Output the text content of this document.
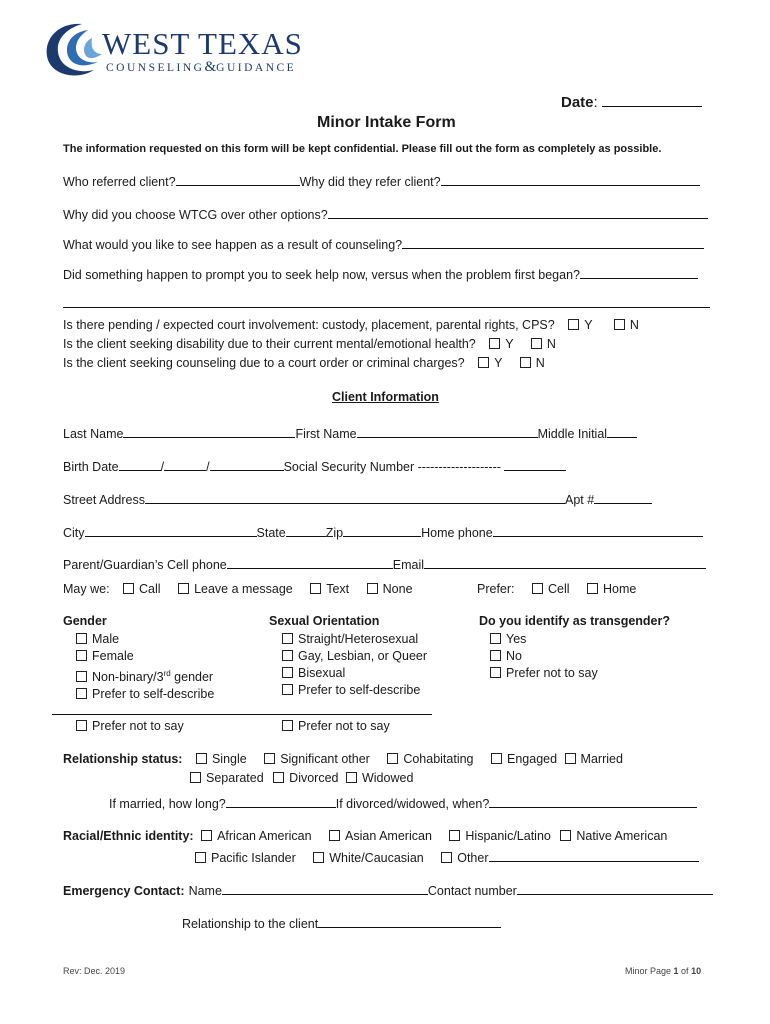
WEST TEXAS
COUNSELING&GUIDANCE
Date:
Minor Intake Form
The information requested on this form will be kept confidential. Please fill out the form as completely as possible.
Who referred client?	Why did they refer client?
Why did you choose WTCG over other options?
What would you like to see happen as a result of counseling?
Did something happen to prompt you to seek help now, versus when the problem first began?
Is there pending / expected court involvement: custody, placement, parental rights, CPS? Y	N
Is the client seeking disability due to their current mental/emotional health? Y	N
Is the client seeking counseling due to a court order or criminal charges? Y	N
Client Information
Last Name	First Name	Middle Initial
Birth Date	/	/	Social Security Number --------------------
Street Address	Apt #
City	State	Zip	Home phone
Parent/Guardian’s Cell phone	Email
May we: Call	Leave a message	Text	None	Prefer:	Cell	Home
Gender
Male
Female
Non-binary/3rd gender
Prefer to self-describe
Prefer not to say
Sexual Orientation
Straight/Heterosexual
Gay, Lesbian, or Queer
Bisexual
Prefer to self-describe
Prefer not to say
Do you identify as transgender?
Yes
No
Prefer not to say
Relationship status: Single	Significant other	Cohabitating	Engaged Married
Separated Divorced Widowed
If married, how long?	If divorced/widowed, when?
Racial/Ethnic identity: African American	Asian American	Hispanic/Latino Native American
Pacific Islander	White/Caucasian	Other
Emergency Contact: Name	Contact number
Relationship to the client
Rev: Dec. 2019	Minor Page 1 of 10
